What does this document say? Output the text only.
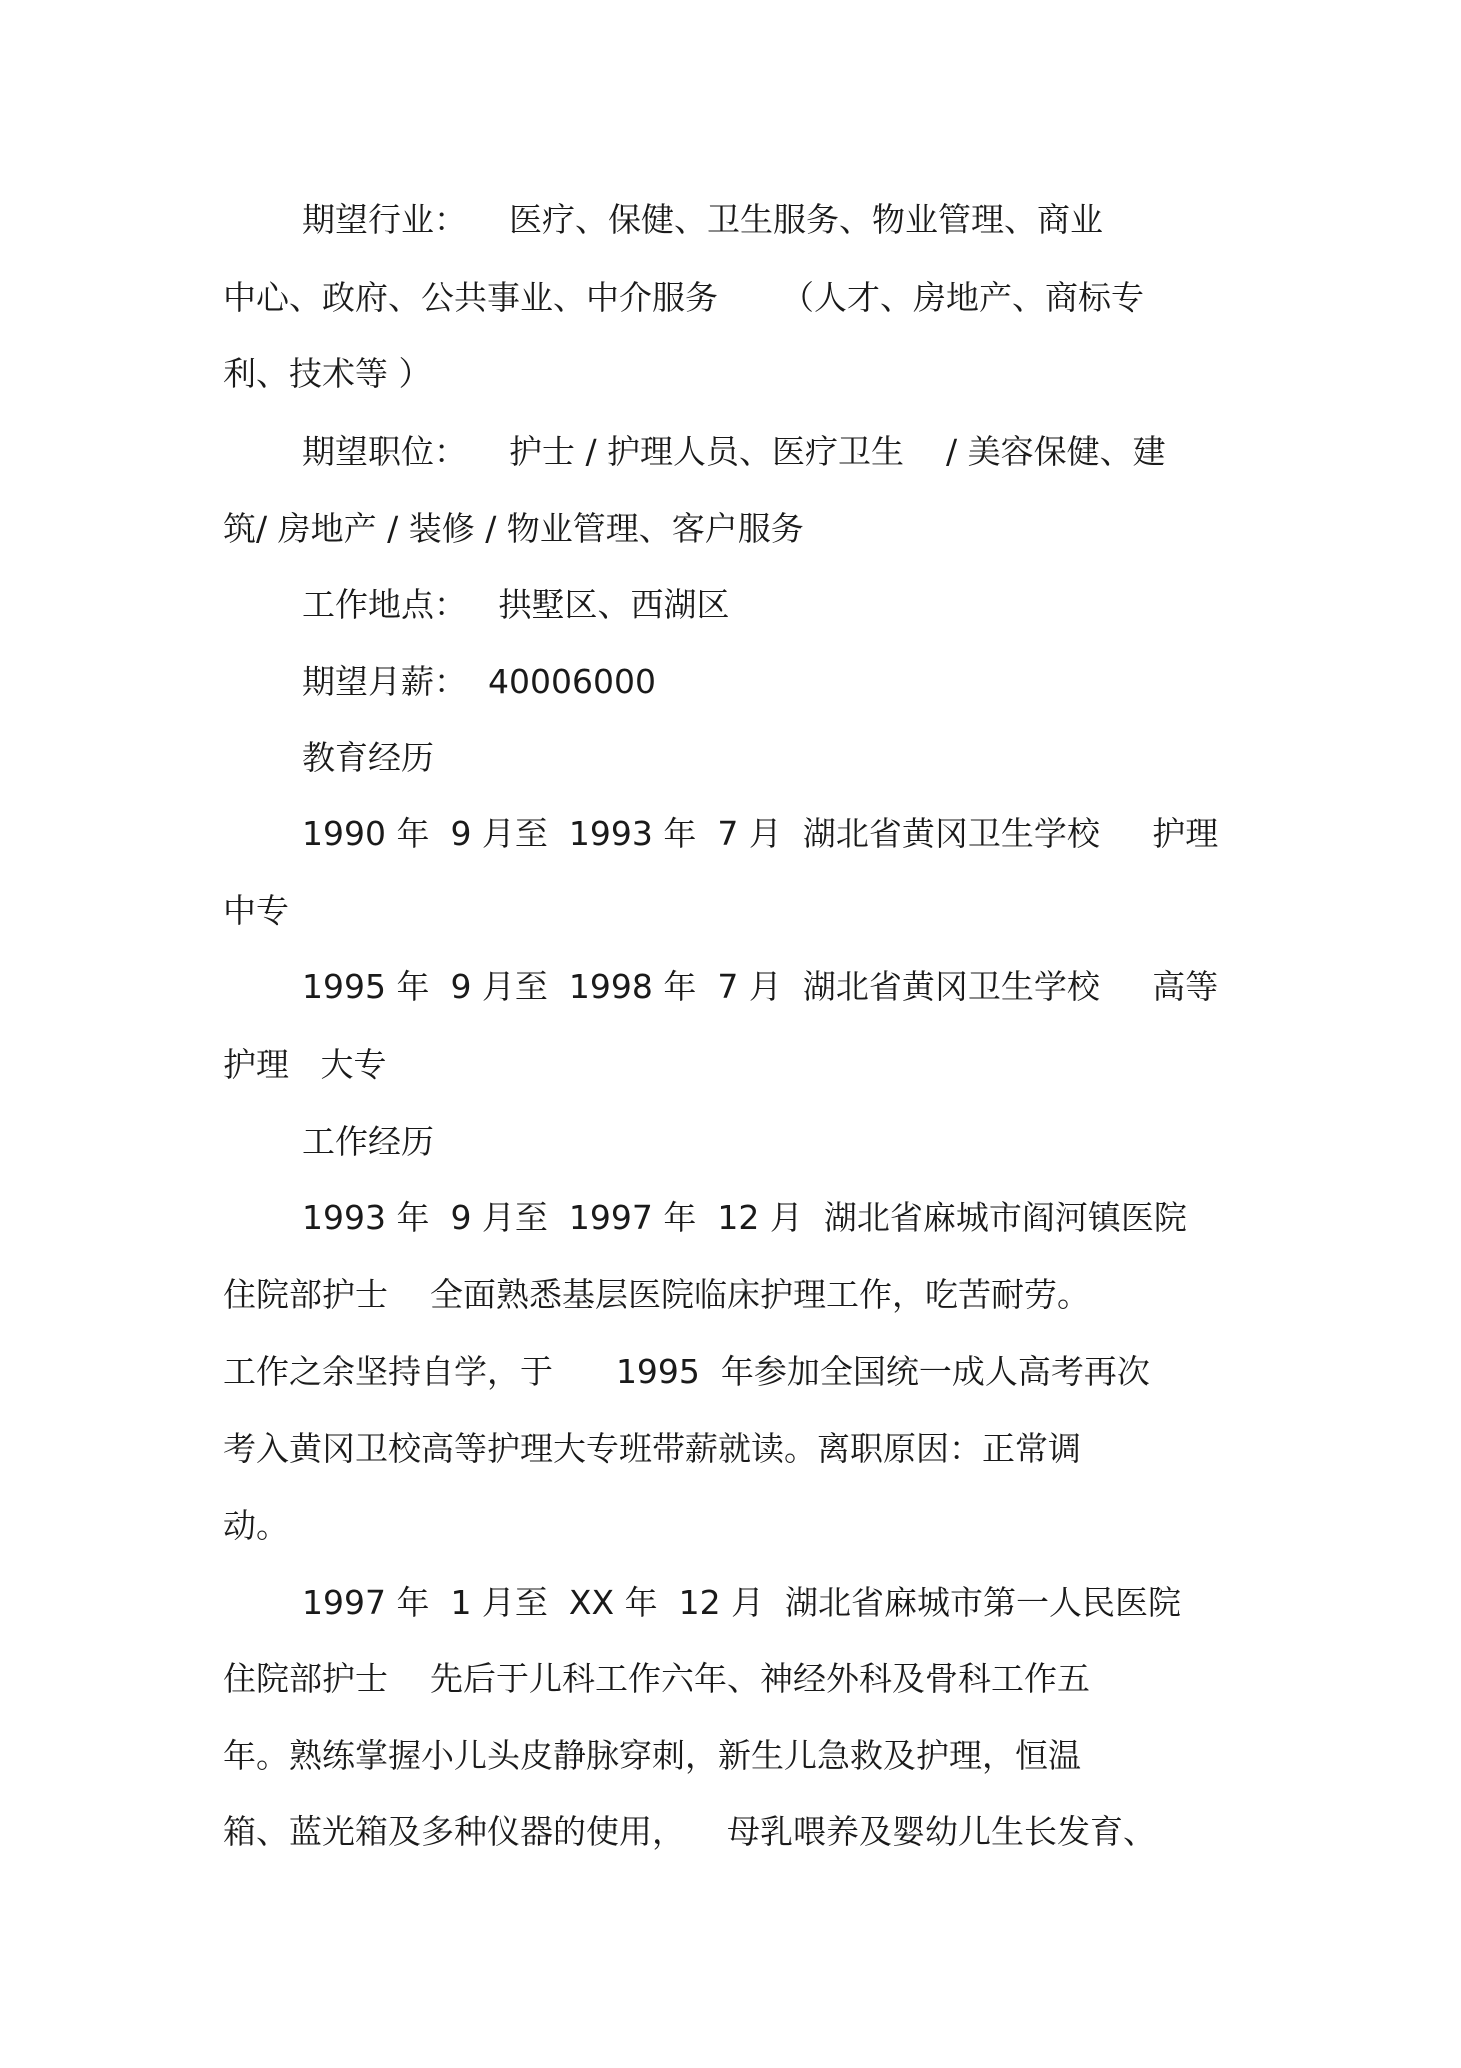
期望行业：    医疗、保健、卫生服务、物业管理、商业

中心、政府、公共事业、中介服务      （人才、房地产、商标专

利、技术等 ）

期望职位：    护士 / 护理人员、医疗卫生    / 美容保健、建

筑/ 房地产 / 装修 / 物业管理、客户服务

工作地点：   拱墅区、西湖区

期望月薪：  40006000

教育经历

1990 年  9 月至  1993 年  7 月  湖北省黄冈卫生学校     护理

中专

1995 年  9 月至  1998 年  7 月  湖北省黄冈卫生学校     高等

护理   大专

工作经历

1993 年  9 月至  1997 年  12 月  湖北省麻城市阎河镇医院

住院部护士    全面熟悉基层医院临床护理工作，吃苦耐劳。

工作之余坚持自学，于      1995  年参加全国统一成人高考再次

考入黄冈卫校高等护理大专班带薪就读。离职原因：正常调

动。

1997 年  1 月至  XX 年  12 月  湖北省麻城市第一人民医院

住院部护士    先后于儿科工作六年、神经外科及骨科工作五

年。熟练掌握小儿头皮静脉穿刺，新生儿急救及护理，恒温

箱、蓝光箱及多种仪器的使用，    母乳喂养及婴幼儿生长发育、
